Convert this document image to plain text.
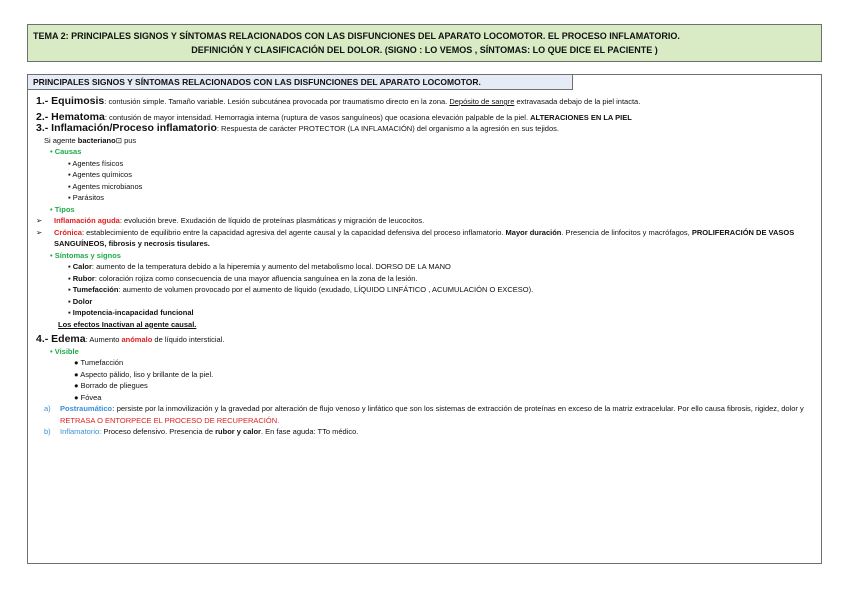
TEMA 2: PRINCIPALES SIGNOS Y SÍNTOMAS RELACIONADOS CON LAS DISFUNCIONES DEL APARATO LOCOMOTOR. EL PROCESO INFLAMATORIO.
DEFINICIÓN Y CLASIFICACIÓN DEL DOLOR. (SIGNO : LO VEMOS , SÍNTOMAS: LO QUE DICE EL PACIENTE )
PRINCIPALES SIGNOS Y SÍNTOMAS RELACIONADOS CON LAS DISFUNCIONES DEL APARATO LOCOMOTOR.

1.- Equimosis: contusión simple. Tamaño variable. Lesión subcutánea provocada por traumatismo directo en la zona. Depósito de sangre extravasada debajo de la piel intacta.

2.- Hematoma: contusión de mayor intensidad. Hemorragia interna (ruptura de vasos sanguíneos) que ocasiona elevación palpable de la piel. ALTERACIONES EN LA PIEL

3.- Inflamación/Proceso inflamatorio: Respuesta de carácter PROTECTOR (LA INFLAMACIÓN) del organismo a la agresión en sus tejidos.

Si agente bacteriano⊡ pus

• Causas

▪ Agentes físicos

▪ Agentes químicos

▪ Agentes microbianos

▪ Parásitos

• Tipos

➢	Inflamación aguda: evolución breve. Exudación de líquido de proteínas plasmáticas y migración de leucocitos.
➢	Crónica: establecimiento de equilibrio entre la capacidad agresiva del agente causal y la capacidad defensiva del proceso inflamatorio. Mayor duración. Presencia de linfocitos y macrófagos, PROLIFERACIÓN DE VASOS SANGUÍNEOS, fibrosis y necrosis tisulares.

• Síntomas y signos

▪ Calor: aumento de la temperatura debido a la hiperemia y aumento del metabolismo local. DORSO DE LA MANO

▪ Rubor: coloración rojiza como consecuencia de una mayor afluencia sanguínea en la zona de la lesión.

▪ Tumefacción: aumento de volumen provocado por el aumento de líquido (exudado, LÍQUIDO LINFÁTICO , ACUMULACIÓN O EXCESO).

▪ Dolor

▪ Impotencia-incapacidad funcional

Los efectos Inactivan al agente causal.

4.- Edema: Aumento anómalo de líquido intersticial.

• Visible

● Tumefacción

● Aspecto pálido, liso y brillante de la piel.

● Borrado de pliegues

● Fóvea

a)	Postraumático: persiste por la inmovilización y la gravedad por alteración de flujo venoso y linfático que son los sistemas de extracción de proteínas en exceso de la matriz extracelular. Por ello causa fibrosis, rigidez, dolor y RETRASA O ENTORPECE EL PROCESO DE RECUPERACIÓN.
b)	Inflamatorio: Proceso defensivo. Presencia de rubor y calor. En fase aguda: TTo médico.
